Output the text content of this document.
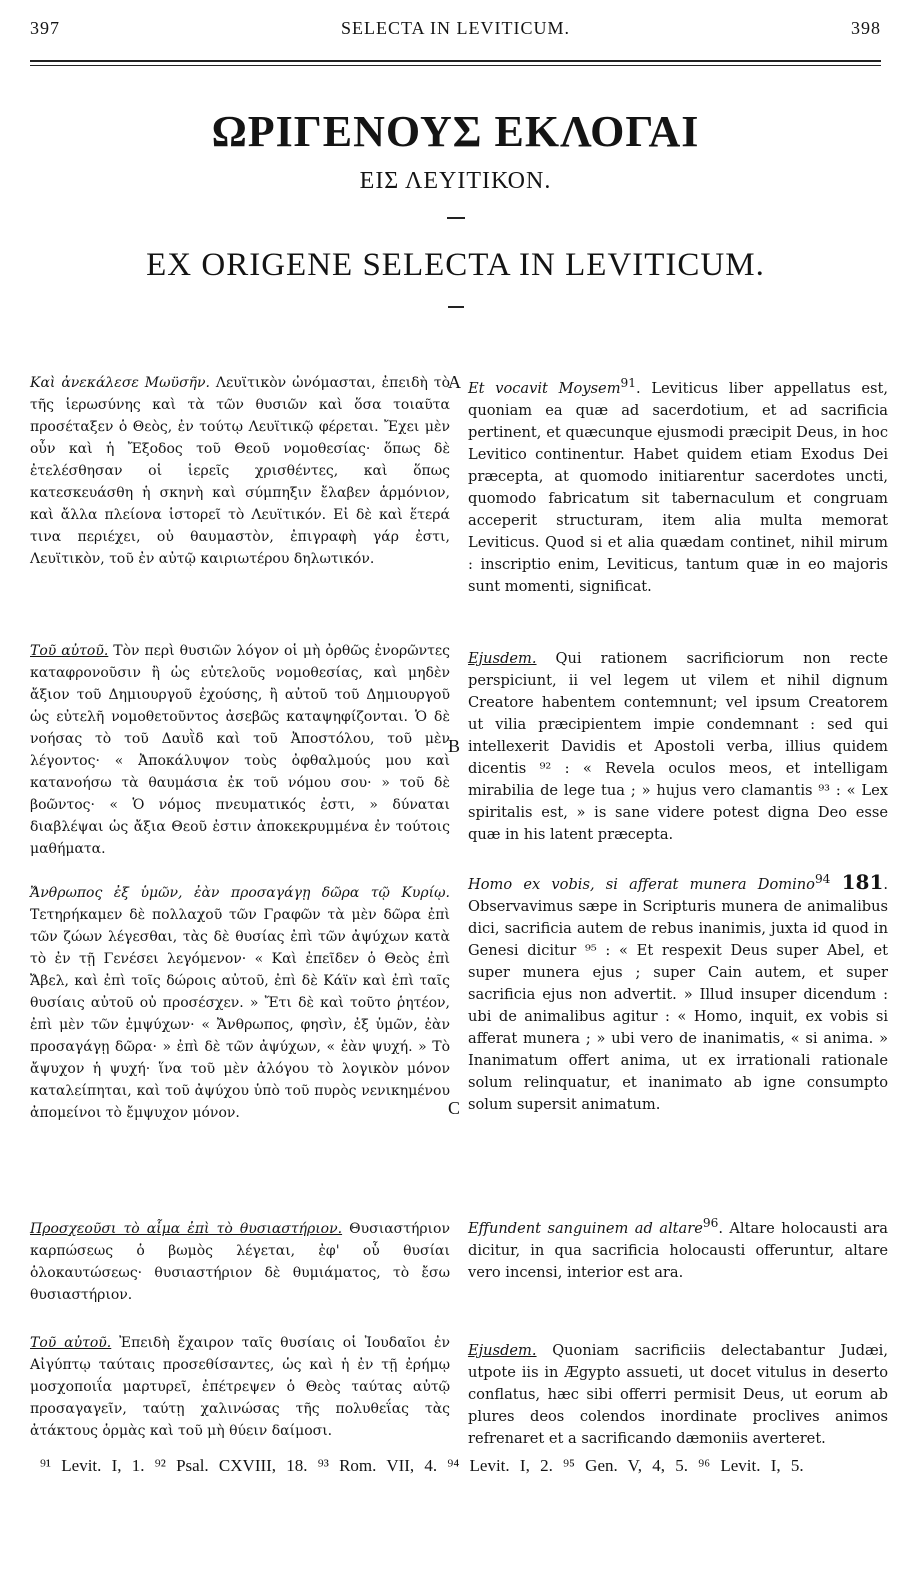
397	SELECTA IN LEVITICUM.	398
ΩΡΙΓΕΝΟΥΣ ΕΚΛΟΓΑΙ
ΕΙΣ ΛΕΥΙΤΙΚΟΝ.
EX ORIGENE SELECTA IN LEVITICUM.

Καὶ ἀνεκάλεσε Μωϋσῆν. Λευϊτικὸν ὠνόμασται, ἐπειδὴ τὸ τῆς ἱερωσύνης καὶ τὰ τῶν θυσιῶν καὶ ὅσα τοιαῦτα προσέταξεν ὁ Θεὸς, ἐν τούτῳ Λευϊτικῷ φέρεται. Ἔχει μὲν οὖν καὶ ἡ Ἔξοδος τοῦ Θεοῦ νομοθεσίας· ὅπως δὲ ἐτελέσθησαν οἱ ἱερεῖς χρισθέντες, καὶ ὅπως κατεσκευάσθη ἡ σκηνὴ καὶ σύμπηξιν ἔλαβεν ἁρμόνιον, καὶ ἄλλα πλείονα ἱστορεῖ τὸ Λευϊτικόν. Εἰ δὲ καὶ ἕτερά τινα περιέχει, οὐ θαυμαστὸν, ἐπιγραφὴ γάρ ἐστι, Λευϊτικὸν, τοῦ ἐν αὐτῷ καιριωτέρου δηλωτικόν.

Τοῦ αὐτοῦ. Τὸν περὶ θυσιῶν λόγον οἱ μὴ ὀρθῶς ἐνορῶντες καταφρονοῦσιν ἢ ὡς εὐτελοῦς νομοθεσίας, καὶ μηδὲν ἄξιον τοῦ Δημιουργοῦ ἐχούσης, ἢ αὐτοῦ τοῦ Δημιουργοῦ ὡς εὐτελῆ νομοθετοῦντος ἀσεβῶς καταψηφίζονται. Ὁ δὲ νοήσας τὸ τοῦ Δαυῒδ καὶ τοῦ Ἀποστόλου, τοῦ μὲν λέγοντος· « Ἀποκάλυψον τοὺς ὀφθαλμούς μου καὶ κατανοήσω τὰ θαυμάσια ἐκ τοῦ νόμου σου· » τοῦ δὲ βοῶντος· « Ὁ νόμος πνευματικός ἐστι, » δύναται διαβλέψαι ὡς ἄξια Θεοῦ ἐστιν ἀποκεκρυμμένα ἐν τούτοις μαθήματα.

Ἄνθρωπος ἐξ ὑμῶν, ἐὰν προσαγάγῃ δῶρα τῷ Κυρίῳ. Τετηρήκαμεν δὲ πολλαχοῦ τῶν Γραφῶν τὰ μὲν δῶρα ἐπὶ τῶν ζώων λέγεσθαι, τὰς δὲ θυσίας ἐπὶ τῶν ἀψύχων κατὰ τὸ ἐν τῇ Γενέσει λεγόμενον· « Καὶ ἐπεῖδεν ὁ Θεὸς ἐπὶ Ἄβελ, καὶ ἐπὶ τοῖς δώροις αὐτοῦ, ἐπὶ δὲ Κάϊν καὶ ἐπὶ ταῖς θυσίαις αὐτοῦ οὐ προσέσχεν. » Ἔτι δὲ καὶ τοῦτο ῥητέον, ἐπὶ μὲν τῶν ἐμψύχων· « Ἄνθρωπος, φησὶν, ἐξ ὑμῶν, ἐὰν προσαγάγῃ δῶρα· » ἐπὶ δὲ τῶν ἀψύχων, « ἐὰν ψυχή. » Τὸ ἄψυχον ἡ ψυχή· ἵνα τοῦ μὲν ἀλόγου τὸ λογικὸν μόνον καταλείπηται, καὶ τοῦ ἀψύχου ὑπὸ τοῦ πυρὸς νενικημένου ἀπομείνοι τὸ ἔμψυχον μόνον.

Προσχεοῦσι τὸ αἷμα ἐπὶ τὸ θυσιαστήριον. Θυσιαστήριον καρπώσεως ὁ βωμὸς λέγεται, ἐφ' οὗ θυσίαι ὁλοκαυτώσεως· θυσιαστήριον δὲ θυμιάματος, τὸ ἔσω θυσιαστήριον.

Τοῦ αὐτοῦ. Ἐπειδὴ ἔχαιρον ταῖς θυσίαις οἱ Ἰουδαῖοι ἐν Αἰγύπτῳ ταύταις προσεθίσαντες, ὡς καὶ ἡ ἐν τῇ ἐρήμῳ μοσχοποιΐα μαρτυρεῖ, ἐπέτρεψεν ὁ Θεὸς ταύτας αὐτῷ προσαγαγεῖν, ταύτῃ χαλινώσας τῆς πολυθεΐας τὰς ἀτάκτους ὁρμὰς καὶ τοῦ μὴ θύειν δαίμοσι.

A
B
C

Et vocavit Moysem$^{91}$. Leviticus liber appellatus est, quoniam ea quæ ad sacerdotium, et ad sacrificia pertinent, et quæcunque ejusmodi præcipit Deus, in hoc Levitico continentur. Habet quidem etiam Exodus Dei præcepta, at quomodo initiarentur sacerdotes uncti, quomodo fabricatum sit tabernaculum et congruam acceperit structuram, item alia multa memorat Leviticus. Quod si et alia quædam continet, nihil mirum : inscriptio enim, Leviticus, tantum quæ in eo majoris sunt momenti, significat.

Ejusdem. Qui rationem sacrificiorum non recte perspiciunt, ii vel legem ut vilem et nihil dignum Creatore habentem contemnunt; vel ipsum Creatorem ut vilia præcipientem impie condemnant : sed qui intellexerit Davidis et Apostoli verba, illius quidem dicentis ⁹² : « Revela oculos meos, et intelligam mirabilia de lege tua ; » hujus vero clamantis ⁹³ : « Lex spiritalis est, » is sane videre potest digna Deo esse quæ in his latent præcepta.

Homo ex vobis, si afferat munera Domino$^{94}$ 181. Observavimus sæpe in Scripturis munera de animalibus dici, sacrificia autem de rebus inanimis, juxta id quod in Genesi dicitur ⁹⁵ : « Et respexit Deus super Abel, et super munera ejus ; super Cain autem, et super sacrificia ejus non advertit. » Illud insuper dicendum : ubi de animalibus agitur : « Homo, inquit, ex vobis si afferat munera ; » ubi vero de inanimatis, « si anima. » Inanimatum offert anima, ut ex irrationali rationale solum relinquatur, et inanimato ab igne consumpto solum supersit animatum.

Effundent sanguinem ad altare$^{96}$. Altare holocausti ara dicitur, in qua sacrificia holocausti offeruntur, altare vero incensi, interior est ara.

Ejusdem. Quoniam sacrificiis delectabantur Judæi, utpote iis in Ægypto assueti, ut docet vitulus in deserto conflatus, hæc sibi offerri permisit Deus, ut eorum ab plures deos colendos inordinate proclives animos refrenaret et a sacrificando dæmoniis averteret.

⁹¹ Levit. I, 1. ⁹² Psal. CXVIII, 18. ⁹³ Rom. VII, 4. ⁹⁴ Levit. I, 2. ⁹⁵ Gen. V, 4, 5. ⁹⁶ Levit. I, 5.
